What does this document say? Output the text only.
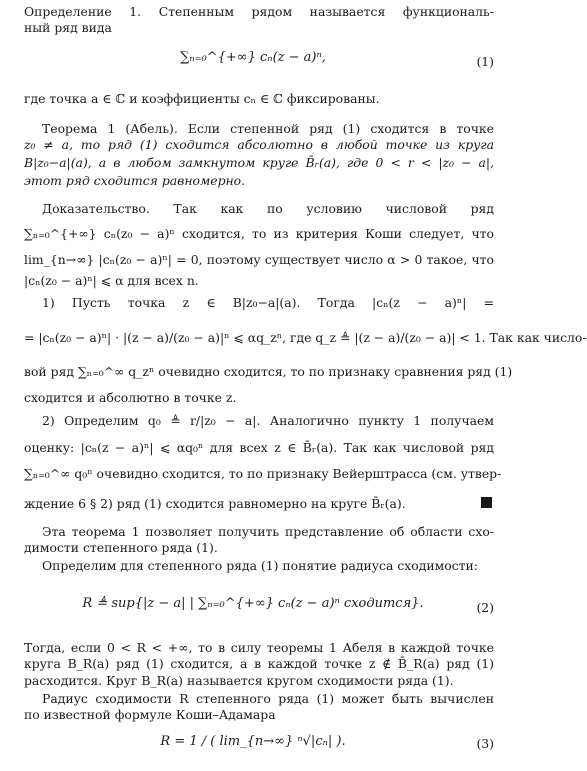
Определение 1. Степенным рядом называется функциональ-
ный ряд вида
∑ₙ₌₀^{+∞} cₙ(z − a)ⁿ,	(1)
где точка a ∈ ℂ и коэффициенты cₙ ∈ ℂ фиксированы.
Теорема 1 (Абель). Если степенной ряд (1) сходится в точке
z₀ ≠ a, то ряд (1) сходится абсолютно в любой точке из круга
B|z₀−a|(a), а в любом замкнутом круге B̄ᵣ(a), где 0 < r < |z₀ − a|,
этот ряд сходится равномерно.
Доказательство. Так как по условию числовой ряд
∑ₙ₌₀^{+∞} cₙ(z₀ − a)ⁿ сходится, то из критерия Коши следует, что
lim_{n→∞} |cₙ(z₀ − a)ⁿ| = 0, поэтому существует число α > 0 такое, что
|cₙ(z₀ − a)ⁿ| ⩽ α для всех n.
1) Пусть точка z ∈ B|z₀−a|(a). Тогда |cₙ(z − a)ⁿ| =
= |cₙ(z₀ − a)ⁿ| · |(z − a)/(z₀ − a)|ⁿ ⩽ αq_zⁿ, где q_z ≜ |(z − a)/(z₀ − a)| < 1. Так как число-
вой ряд ∑ₙ₌₀^∞ q_zⁿ очевидно сходится, то по признаку сравнения ряд (1)
сходится и абсолютно в точке z.
2) Определим q₀ ≜ r/|z₀ − a|. Аналогично пункту 1 получаем
оценку: |cₙ(z − a)ⁿ| ⩽ αq₀ⁿ для всех z ∈ B̄ᵣ(a). Так как числовой ряд
∑ₙ₌₀^∞ q₀ⁿ очевидно сходится, то по признаку Вейерштрасса (см. утвер-
ждение 6 § 2) ряд (1) сходится равномерно на круге B̄ᵣ(a).
Эта теорема 1 позволяет получить представление об области схо-
димости степенного ряда (1).
Определим для степенного ряда (1) понятие радиуса сходимости:
R ≜ sup{|z − a| | ∑ₙ₌₀^{+∞} cₙ(z − a)ⁿ сходится}.	(2)
Тогда, если 0 < R < +∞, то в силу теоремы 1 Абеля в каждой точке
круга B_R(a) ряд (1) сходится, а в каждой точке z ∉ B̄_R(a) ряд (1)
расходится. Круг B_R(a) называется кругом сходимости ряда (1).
Радиус сходимости R степенного ряда (1) может быть вычислен
по известной формуле Коши–Адамара
R = 1 / ( lim_{n→∞} ⁿ√|cₙ| ).	(3)
